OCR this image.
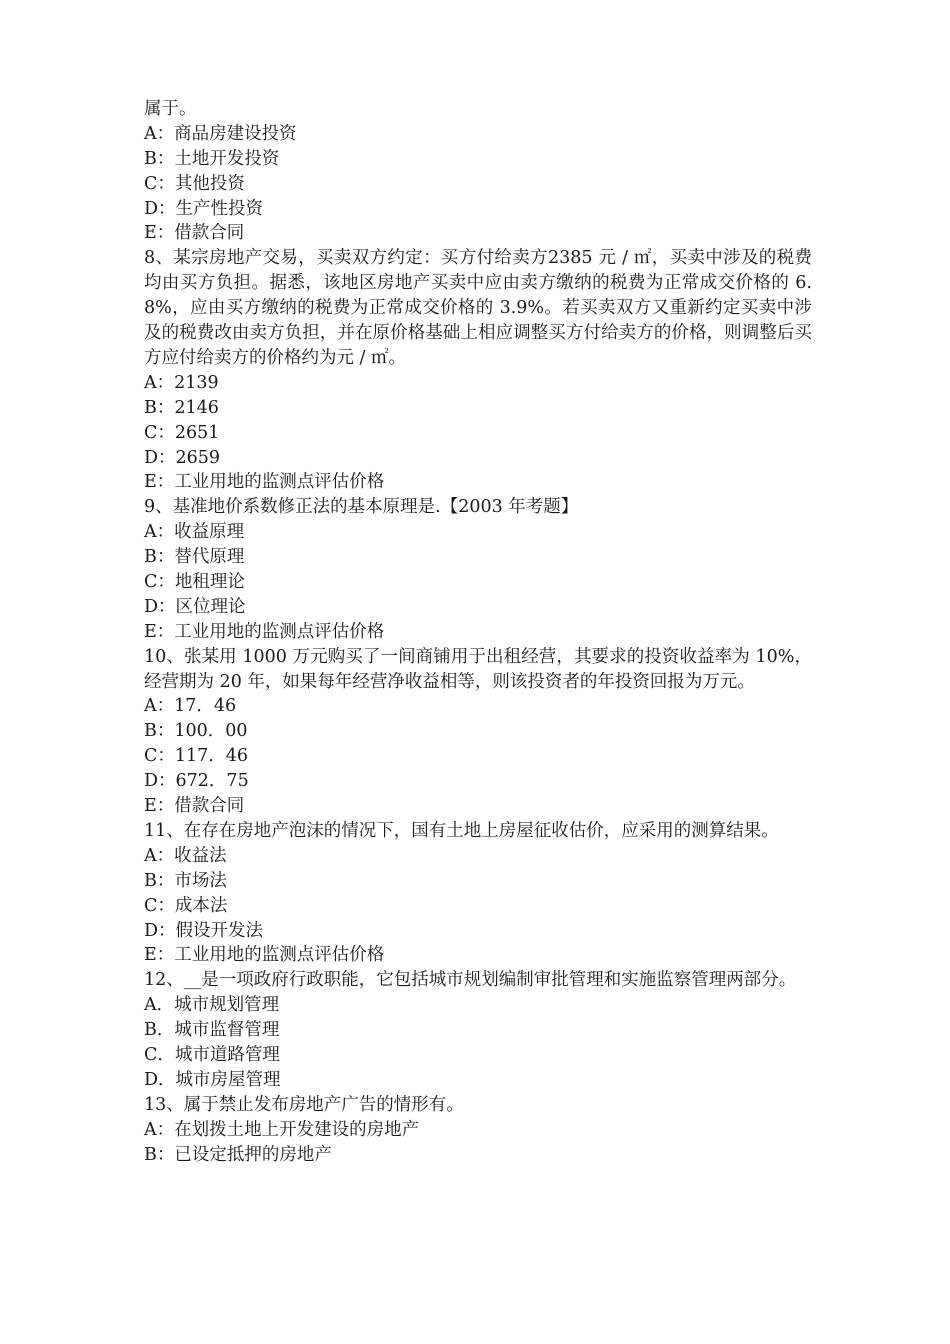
属于。
A：商品房建设投资
B：土地开发投资
C：其他投资
D：生产性投资
E：借款合同
8、某宗房地产交易，买卖双方约定：买方付给卖方2385 元 / ㎡，买卖中涉及的税费均由买方负担。据悉，该地区房地产买卖中应由卖方缴纳的税费为正常成交价格的 6.8%，应由买方缴纳的税费为正常成交价格的 3.9%。若买卖双方又重新约定买卖中涉及的税费改由卖方负担，并在原价格基础上相应调整买方付给卖方的价格，则调整后买方应付给卖方的价格约为元 / ㎡。
A：2139
B：2146
C：2651
D：2659
E：工业用地的监测点评估价格
9、基准地价系数修正法的基本原理是.【2003 年考题】
A：收益原理
B：替代原理
C：地租理论
D：区位理论
E：工业用地的监测点评估价格
10、张某用 1000 万元购买了一间商铺用于出租经营，其要求的投资收益率为 10%，经营期为 20 年，如果每年经营净收益相等，则该投资者的年投资回报为万元。
A：17．46
B：100．00
C：117．46
D：672．75
E：借款合同
11、在存在房地产泡沫的情况下，国有土地上房屋征收估价，应采用的测算结果。
A：收益法
B：市场法
C：成本法
D：假设开发法
E：工业用地的监测点评估价格
12、__是一项政府行政职能，它包括城市规划编制审批管理和实施监察管理两部分。
A．城市规划管理
B．城市监督管理
C．城市道路管理
D．城市房屋管理
13、属于禁止发布房地产广告的情形有。
A：在划拨土地上开发建设的房地产
B：已设定抵押的房地产
